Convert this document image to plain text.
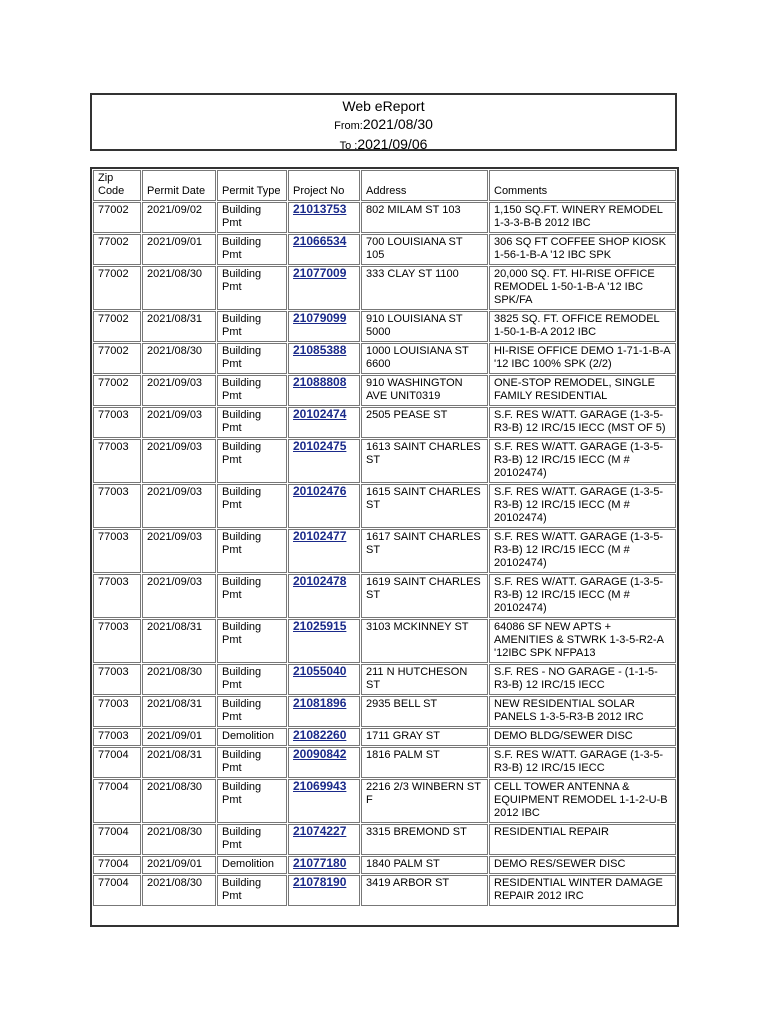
Web eReport
From:2021/08/30
To :2021/09/06
Zip Code	Permit Date	Permit Type	Project No	Address	Comments
77002	2021/09/02	Building Pmt	21013753	802 MILAM ST 103	1,150 SQ.FT. WINERY REMODEL 1-3-3-B-B 2012 IBC
77002	2021/09/01	Building Pmt	21066534	700 LOUISIANA ST 105	306 SQ FT COFFEE SHOP KIOSK 1-56-1-B-A '12 IBC SPK
77002	2021/08/30	Building Pmt	21077009	333 CLAY ST 1100	20,000 SQ. FT. HI-RISE OFFICE REMODEL 1-50-1-B-A '12 IBC SPK/FA
77002	2021/08/31	Building Pmt	21079099	910 LOUISIANA ST 5000	3825 SQ. FT. OFFICE REMODEL 1-50-1-B-A 2012 IBC
77002	2021/08/30	Building Pmt	21085388	1000 LOUISIANA ST 6600	HI-RISE OFFICE DEMO 1-71-1-B-A '12 IBC 100% SPK (2/2)
77002	2021/09/03	Building Pmt	21088808	910 WASHINGTON AVE UNIT0319	ONE-STOP REMODEL, SINGLE FAMILY RESIDENTIAL
77003	2021/09/03	Building Pmt	20102474	2505 PEASE ST	S.F. RES W/ATT. GARAGE (1-3-5-R3-B) 12 IRC/15 IECC (MST OF 5)
77003	2021/09/03	Building Pmt	20102475	1613 SAINT CHARLES ST	S.F. RES W/ATT. GARAGE (1-3-5-R3-B) 12 IRC/15 IECC (M # 20102474)
77003	2021/09/03	Building Pmt	20102476	1615 SAINT CHARLES ST	S.F. RES W/ATT. GARAGE (1-3-5-R3-B) 12 IRC/15 IECC (M # 20102474)
77003	2021/09/03	Building Pmt	20102477	1617 SAINT CHARLES ST	S.F. RES W/ATT. GARAGE (1-3-5-R3-B) 12 IRC/15 IECC (M # 20102474)
77003	2021/09/03	Building Pmt	20102478	1619 SAINT CHARLES ST	S.F. RES W/ATT. GARAGE (1-3-5-R3-B) 12 IRC/15 IECC (M # 20102474)
77003	2021/08/31	Building Pmt	21025915	3103 MCKINNEY ST	64086 SF NEW APTS + AMENITIES & STWRK 1-3-5-R2-A '12IBC SPK NFPA13
77003	2021/08/30	Building Pmt	21055040	211 N HUTCHESON ST	S.F. RES - NO GARAGE - (1-1-5-R3-B) 12 IRC/15 IECC
77003	2021/08/31	Building Pmt	21081896	2935 BELL ST	NEW RESIDENTIAL SOLAR PANELS 1-3-5-R3-B 2012 IRC
77003	2021/09/01	Demolition	21082260	1711 GRAY ST	DEMO BLDG/SEWER DISC
77004	2021/08/31	Building Pmt	20090842	1816 PALM ST	S.F. RES W/ATT. GARAGE (1-3-5-R3-B) 12 IRC/15 IECC
77004	2021/08/30	Building Pmt	21069943	2216 2/3 WINBERN ST F	CELL TOWER ANTENNA & EQUIPMENT REMODEL 1-1-2-U-B 2012 IBC
77004	2021/08/30	Building Pmt	21074227	3315 BREMOND ST	RESIDENTIAL REPAIR
77004	2021/09/01	Demolition	21077180	1840 PALM ST	DEMO RES/SEWER DISC
77004	2021/08/30	Building Pmt	21078190	3419 ARBOR ST	RESIDENTIAL WINTER DAMAGE REPAIR 2012 IRC
